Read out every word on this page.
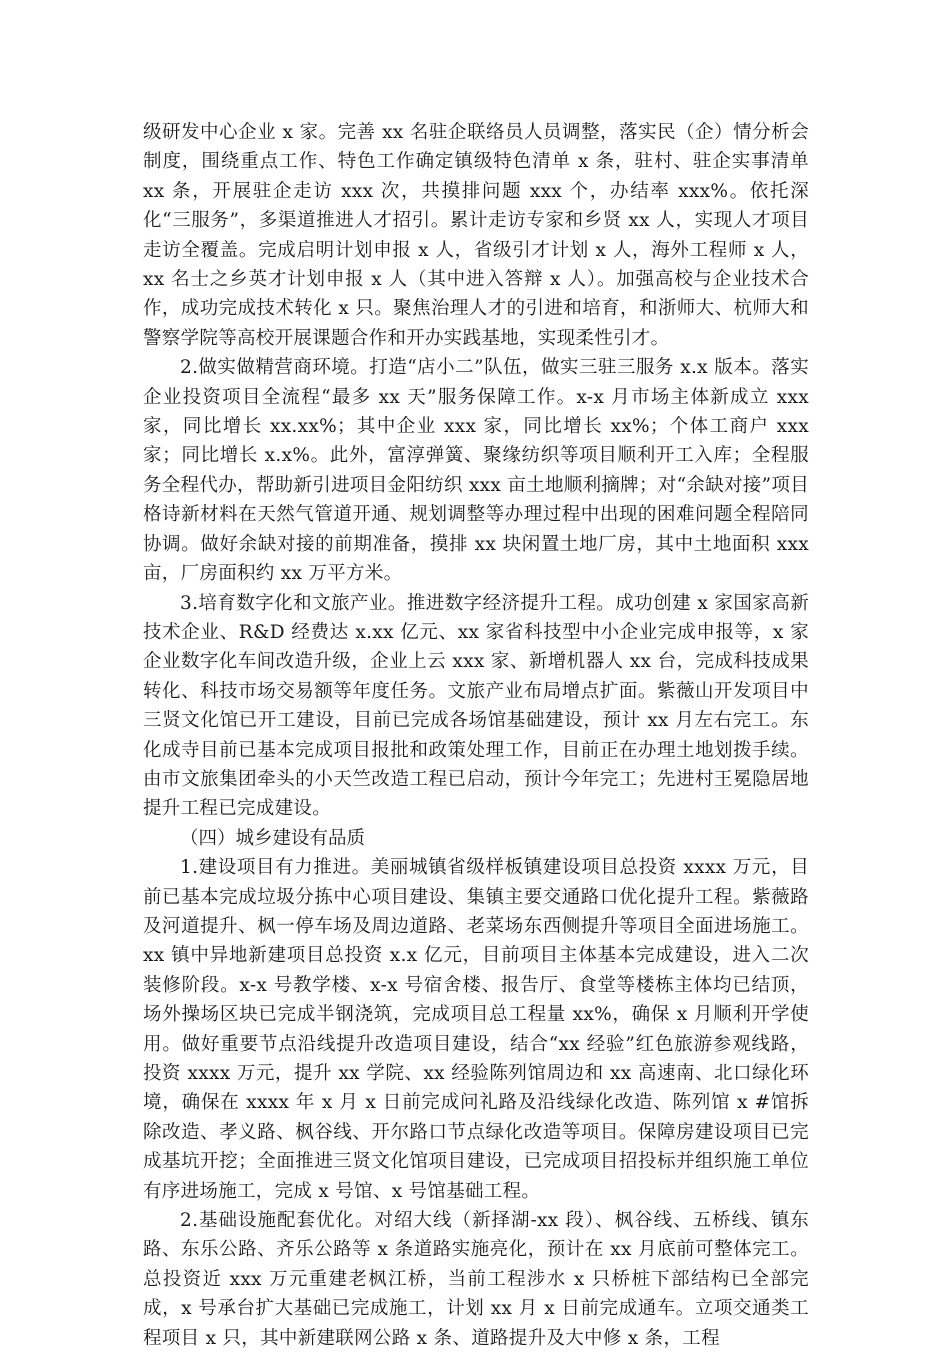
级研发中心企业 x 家。完善 xx 名驻企联络员人员调整，落实民（企）情分析会制度，围绕重点工作、特色工作确定镇级特色清单 x 条，驻村、驻企实事清单 xx 条，开展驻企走访 xxx 次，共摸排问题 xxx 个，办结率 xxx%。依托深化“三服务”，多渠道推进人才招引。累计走访专家和乡贤 xx 人，实现人才项目走访全覆盖。完成启明计划申报 x 人，省级引才计划 x 人，海外工程师 x 人，xx 名士之乡英才计划申报 x 人（其中进入答辩 x 人）。加强高校与企业技术合作，成功完成技术转化 x 只。聚焦治理人才的引进和培育，和浙师大、杭师大和警察学院等高校开展课题合作和开办实践基地，实现柔性引才。

2.做实做精营商环境。打造“店小二”队伍，做实三驻三服务 x.x 版本。落实企业投资项目全流程“最多 xx 天”服务保障工作。x-x 月市场主体新成立 xxx 家，同比增长 xx.xx%；其中企业 xxx 家，同比增长 xx%；个体工商户 xxx 家；同比增长 x.x%。此外，富淳弹簧、聚缘纺织等项目顺利开工入库；全程服务全程代办，帮助新引进项目金阳纺织 xxx 亩土地顺利摘牌；对“余缺对接”项目格诗新材料在天然气管道开通、规划调整等办理过程中出现的困难问题全程陪同协调。做好余缺对接的前期准备，摸排 xx 块闲置土地厂房，其中土地面积 xxx 亩，厂房面积约 xx 万平方米。

3.培育数字化和文旅产业。推进数字经济提升工程。成功创建 x 家国家高新技术企业、R&D 经费达 x.xx 亿元、xx 家省科技型中小企业完成申报等，x 家企业数字化车间改造升级，企业上云 xxx 家、新增机器人 xx 台，完成科技成果转化、科技市场交易额等年度任务。文旅产业布局增点扩面。紫薇山开发项目中三贤文化馆已开工建设，目前已完成各场馆基础建设，预计 xx 月左右完工。东化成寺目前已基本完成项目报批和政策处理工作，目前正在办理土地划拨手续。由市文旅集团牵头的小天竺改造工程已启动，预计今年完工；先进村王冕隐居地提升工程已完成建设。

（四）城乡建设有品质

1.建设项目有力推进。美丽城镇省级样板镇建设项目总投资 xxxx 万元，目前已基本完成垃圾分拣中心项目建设、集镇主要交通路口优化提升工程。紫薇路及河道提升、枫一停车场及周边道路、老菜场东西侧提升等项目全面进场施工。xx 镇中异地新建项目总投资 x.x 亿元，目前项目主体基本完成建设，进入二次装修阶段。x-x 号教学楼、x-x 号宿舍楼、报告厅、食堂等楼栋主体均已结顶，场外操场区块已完成半钢浇筑，完成项目总工程量 xx%，确保 x 月顺利开学使用。做好重要节点沿线提升改造项目建设，结合“xx 经验”红色旅游参观线路，投资 xxxx 万元，提升 xx 学院、xx 经验陈列馆周边和 xx 高速南、北口绿化环境，确保在 xxxx 年 x 月 x 日前完成问礼路及沿线绿化改造、陈列馆 x #馆拆除改造、孝义路、枫谷线、开尔路口节点绿化改造等项目。保障房建设项目已完成基坑开挖；全面推进三贤文化馆项目建设，已完成项目招投标并组织施工单位有序进场施工，完成 x 号馆、x 号馆基础工程。

2.基础设施配套优化。对绍大线（新择湖-xx 段）、枫谷线、五桥线、镇东路、东乐公路、齐乐公路等 x 条道路实施亮化，预计在 xx 月底前可整体完工。总投资近 xxx 万元重建老枫江桥，当前工程涉水 x 只桥桩下部结构已全部完成，x 号承台扩大基础已完成施工，计划 xx 月 x 日前完成通车。立项交通类工程项目 x 只，其中新建联网公路 x 条、道路提升及大中修 x 条，工程
